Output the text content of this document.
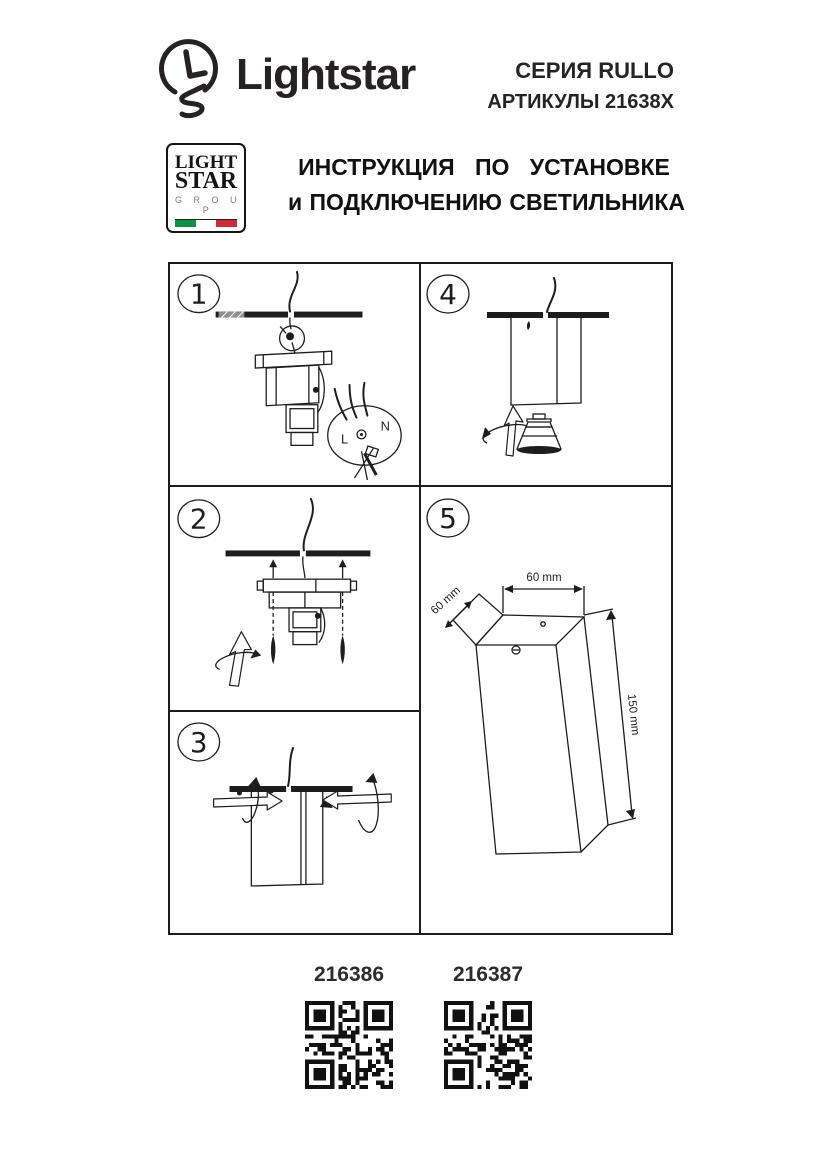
Lightstar	СЕРИЯ RULLO
АРТИКУЛЫ 21638X
LIGHT
STAR
G R O U P
ИНСТРУКЦИЯ ПО УСТАНОВКЕ
и ПОДКЛЮЧЕНИЮ СВЕТИЛЬНИКА
1
L
N
2
3
4
5
60 mm
60 mm
150 mm
216386	216387
